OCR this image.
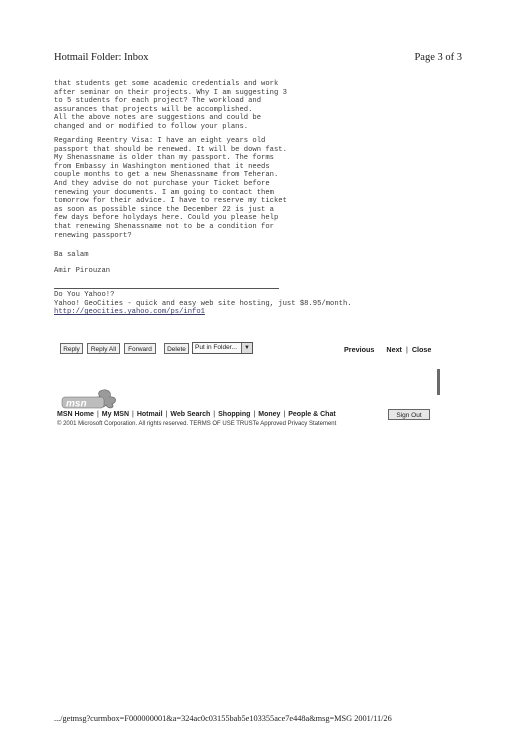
Hotmail Folder: Inbox	Page 3 of 3
that students get some academic credentials and work
after seminar on their projects. Why I am suggesting 3
to 5 students for each project? The workload and
assurances that projects will be accomplished.
All the above notes are suggestions and could be
changed and or modified to follow your plans.
Regarding Reentry Visa: I have an eight years old
passport that should be renewed. It will be down fast.
My Shenassname is older than my passport. The forms
from Embassy in Washington mentioned that it needs
couple months to get a new Shenassname from Teheran.
And they advise do not purchase your Ticket before
renewing your documents. I am going to contact them
tomorrow for their advice. I have to reserve my ticket
as soon as possible since the December 22 is just a
few days before holydays here. Could you please help
that renewing Shenassname not to be a condition for
renewing passport?
Ba salam
Amir Pirouzan
Do You Yahoo!?
Yahoo! GeoCities - quick and easy web site hosting, just $8.95/month.
http://geocities.yahoo.com/ps/info1
Reply	Reply All	Forward	Delete	Put in Folder...	▼	Previous Next | Close
msn
MSN Home | My MSN | Hotmail | Web Search | Shopping | Money | People & Chat	Sign Out
© 2001 Microsoft Corporation. All rights reserved. TERMS OF USE TRUSTe Approved Privacy Statement
.../getmsg?curmbox=F000000001&a=324ac0c03155bab5e103355ace7e448a&msg=MSG 2001/11/26
